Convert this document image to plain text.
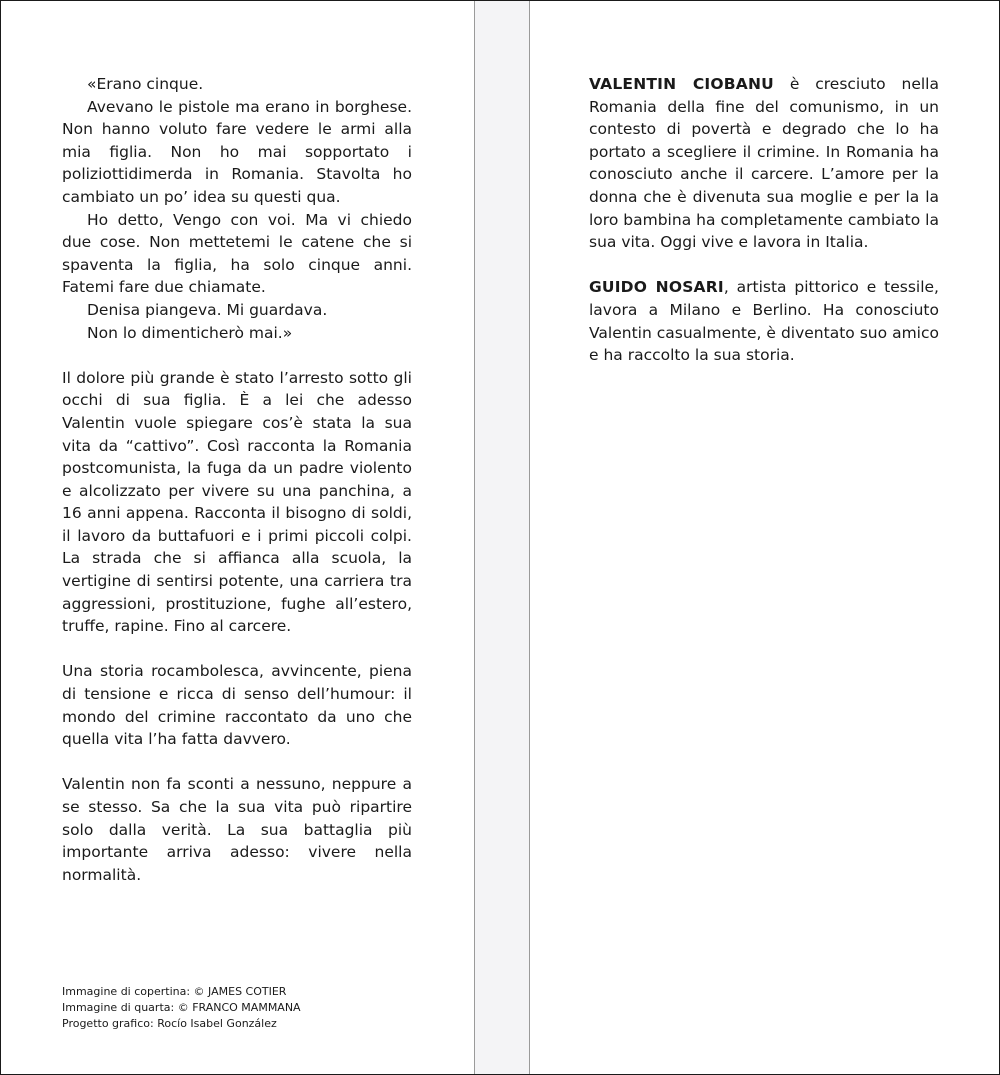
«Erano cinque.

Avevano le pistole ma erano in borghese. Non hanno voluto fare vedere le armi alla mia figlia. Non ho mai sopportato i poliziottidimerda in Romania. Stavolta ho cambiato un po’ idea su questi qua.

Ho detto, Vengo con voi. Ma vi chiedo due cose. Non mettetemi le catene che si spaventa la figlia, ha solo cinque anni. Fatemi fare due chiamate.

Denisa piangeva. Mi guardava.

Non lo dimenticherò mai.»

Il dolore più grande è stato l’arresto sotto gli occhi di sua figlia. È a lei che adesso Valentin vuole spiegare cos’è stata la sua vita da “cattivo”. Così racconta la Romania postcomunista, la fuga da un padre violento e alcolizzato per vivere su una panchina, a 16 anni appena. Racconta il bisogno di soldi, il lavoro da buttafuori e i primi piccoli colpi. La strada che si affianca alla scuola, la vertigine di sentirsi potente, una carriera tra aggressioni, prostituzione, fughe all’estero, truffe, rapine. Fino al carcere.

Una storia rocambolesca, avvincente, piena di tensione e ricca di senso dell’humour: il mondo del crimine raccontato da uno che quella vita l’ha fatta davvero.

Valentin non fa sconti a nessuno, neppure a se stesso. Sa che la sua vita può ripartire solo dalla verità. La sua battaglia più importante arriva adesso: vivere nella normalità.

Immagine di copertina: © JAMES COTIER
Immagine di quarta: © FRANCO MAMMANA
Progetto grafico: Rocío Isabel González

VALENTIN CIOBANU è cresciuto nella Romania della fine del comunismo, in un contesto di povertà e degrado che lo ha portato a scegliere il crimine. In Romania ha conosciuto anche il carcere. L’amore per la donna che è divenuta sua moglie e per la la loro bambina ha completamente cambiato la sua vita. Oggi vive e lavora in Italia.

GUIDO NOSARI, artista pittorico e tessile, lavora a Milano e Berlino. Ha conosciuto Valentin casualmente, è diventato suo amico e ha raccolto la sua storia.
